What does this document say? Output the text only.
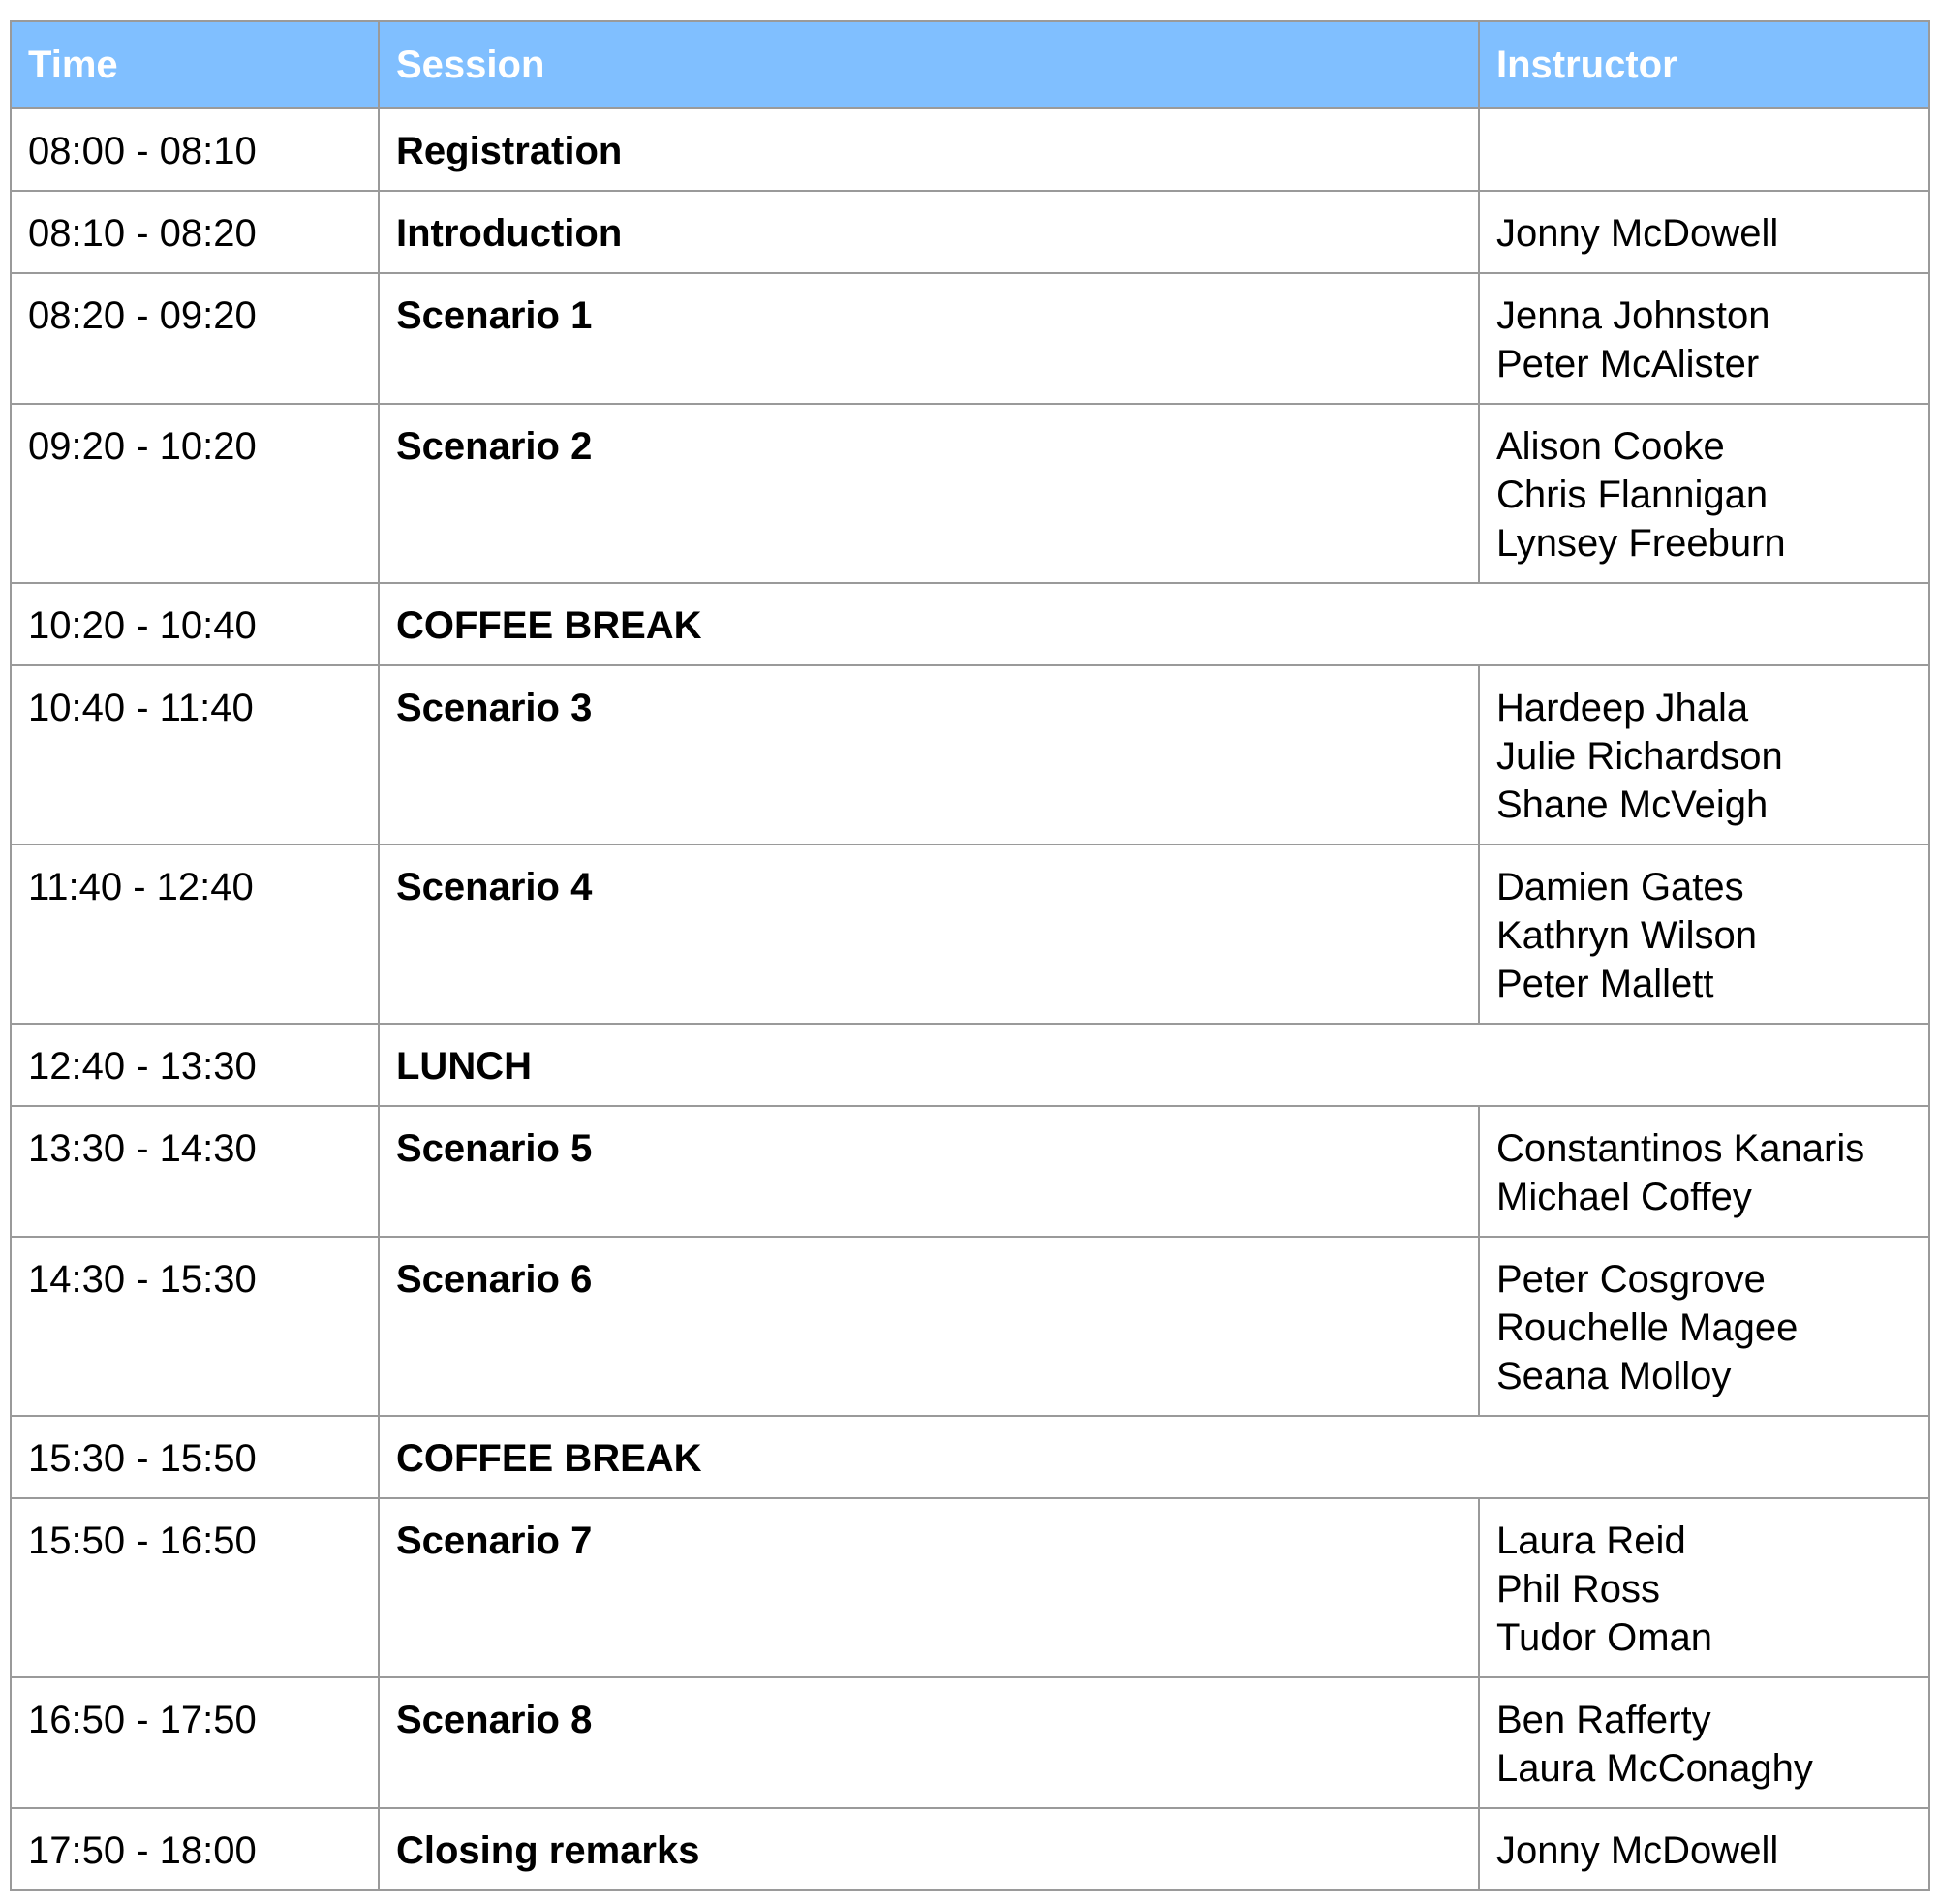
Time	Session	Instructor
08:00 - 08:10	Registration	
08:10 - 08:20	Introduction	Jonny McDowell

08:20 - 09:20	Scenario 1	Jenna Johnston
Peter McAlister

09:20 - 10:20	Scenario 2	Alison Cooke
Chris Flannigan
Lynsey Freeburn

10:20 - 10:40	COFFEE BREAK	
10:40 - 11:40	Scenario 3	Hardeep Jhala
Julie Richardson
Shane McVeigh

11:40 - 12:40	Scenario 4	Damien Gates
Kathryn Wilson
Peter Mallett

12:40 - 13:30	LUNCH	
13:30 - 14:30	Scenario 5	Constantinos Kanaris
Michael Coffey

14:30 - 15:30	Scenario 6	Peter Cosgrove
Rouchelle Magee
Seana Molloy

15:30 - 15:50	COFFEE BREAK	
15:50 - 16:50	Scenario 7	Laura Reid
Phil Ross
Tudor Oman

16:50 - 17:50	Scenario 8	Ben Rafferty
Laura McConaghy

17:50 - 18:00	Closing remarks	Jonny McDowell
